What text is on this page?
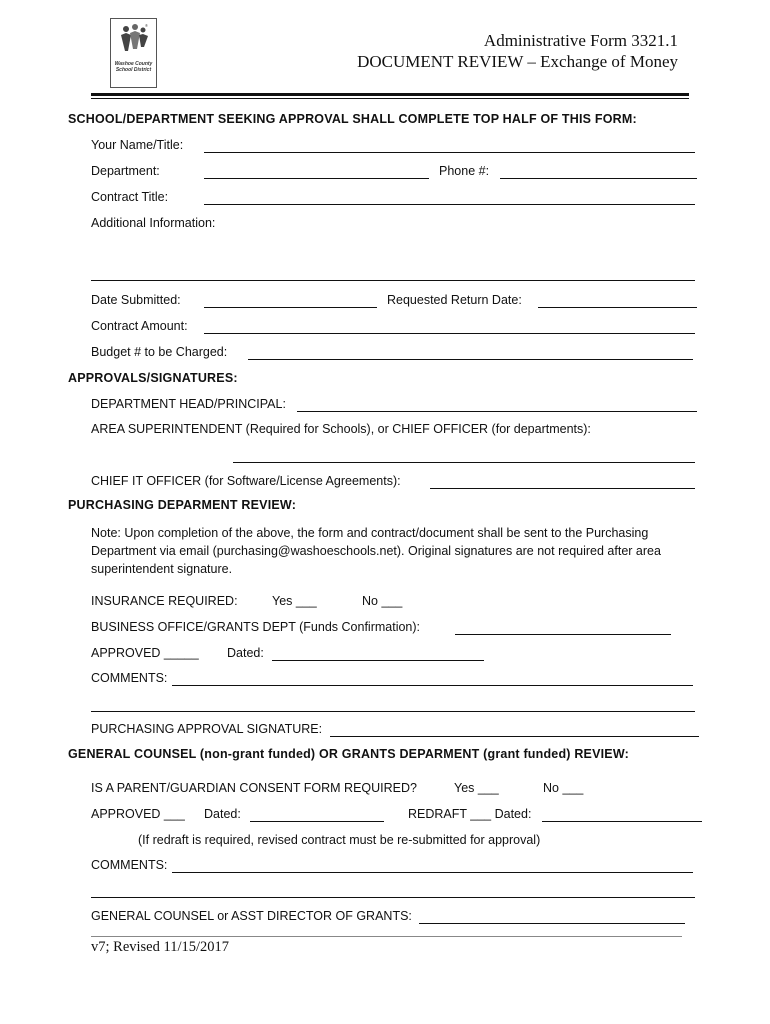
®
Washoe County
School District
Administrative Form 3321.1
DOCUMENT REVIEW – Exchange of Money
SCHOOL/DEPARTMENT SEEKING APPROVAL SHALL COMPLETE TOP HALF OF THIS FORM:
Your Name/Title:
Department:	Phone #:
Contract Title:
Additional Information:
Date Submitted:	Requested Return Date:
Contract Amount:
Budget # to be Charged:
APPROVALS/SIGNATURES:
DEPARTMENT HEAD/PRINCIPAL:
AREA SUPERINTENDENT (Required for Schools), or CHIEF OFFICER (for departments):
CHIEF IT OFFICER (for Software/License Agreements):
PURCHASING DEPARMENT REVIEW:
Note: Upon completion of the above, the form and contract/document shall be sent to the Purchasing Department via email (purchasing@washoeschools.net). Original signatures are not required after area superintendent signature.
INSURANCE REQUIRED:	Yes ___	No ___
BUSINESS OFFICE/GRANTS DEPT (Funds Confirmation):
APPROVED _____ Dated:
COMMENTS:
PURCHASING APPROVAL SIGNATURE:
GENERAL COUNSEL (non-grant funded) OR GRANTS DEPARMENT (grant funded) REVIEW:
IS A PARENT/GUARDIAN CONSENT FORM REQUIRED?	Yes ___	No ___
APPROVED ___ Dated:	REDRAFT ___ Dated:
(If redraft is required, revised contract must be re-submitted for approval)
COMMENTS:
GENERAL COUNSEL or ASST DIRECTOR OF GRANTS:
v7; Revised 11/15/2017
